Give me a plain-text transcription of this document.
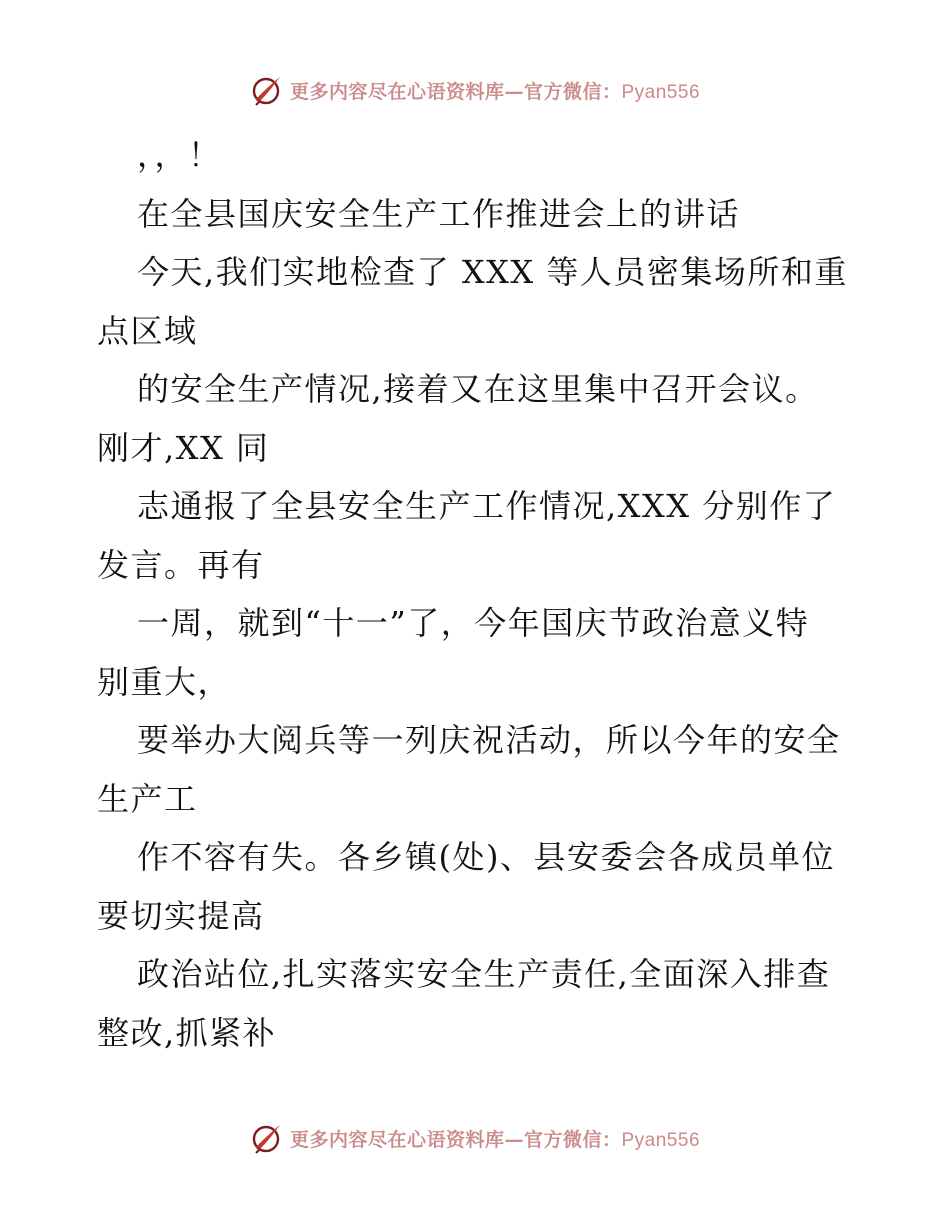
更多内容尽在心语资料库—官方微信：Pyan556
，，！
在全县国庆安全生产工作推进会上的讲话
今天,我们实地检查了 XXX 等人员密集场所和重
点区域
的安全生产情况,接着又在这里集中召开会议。
刚才,XX 同
志通报了全县安全生产工作情况,XXX 分别作了
发言。再有
一周，就到“十一”了，今年国庆节政治意义特
别重大，
要举办大阅兵等一列庆祝活动，所以今年的安全
生产工
作不容有失。各乡镇(处)、县安委会各成员单位
要切实提高
政治站位,扎实落实安全生产责任,全面深入排查
整改,抓紧补
更多内容尽在心语资料库—官方微信：Pyan556
